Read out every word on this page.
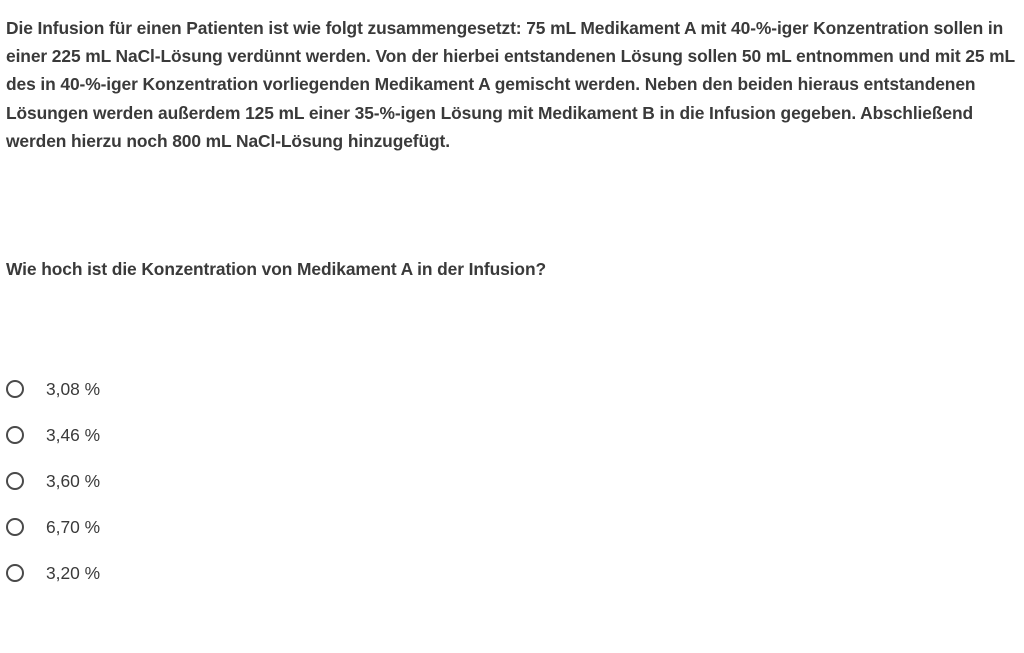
Die Infusion für einen Patienten ist wie folgt zusammengesetzt: 75 mL Medikament A mit 40-%-iger Konzentration sollen in einer 225 mL NaCl-Lösung verdünnt werden. Von der hierbei entstandenen Lösung sollen 50 mL entnommen und mit 25 mL des in 40-%-iger Konzentration vorliegenden Medikament A gemischt werden. Neben den beiden hieraus entstandenen Lösungen werden außerdem 125 mL einer 35-%-igen Lösung mit Medikament B in die Infusion gegeben. Abschließend werden hierzu noch 800 mL NaCl-Lösung hinzugefügt.

Wie hoch ist die Konzentration von Medikament A in der Infusion?

3,08 %
3,46 %
3,60 %
6,70 %
3,20 %
